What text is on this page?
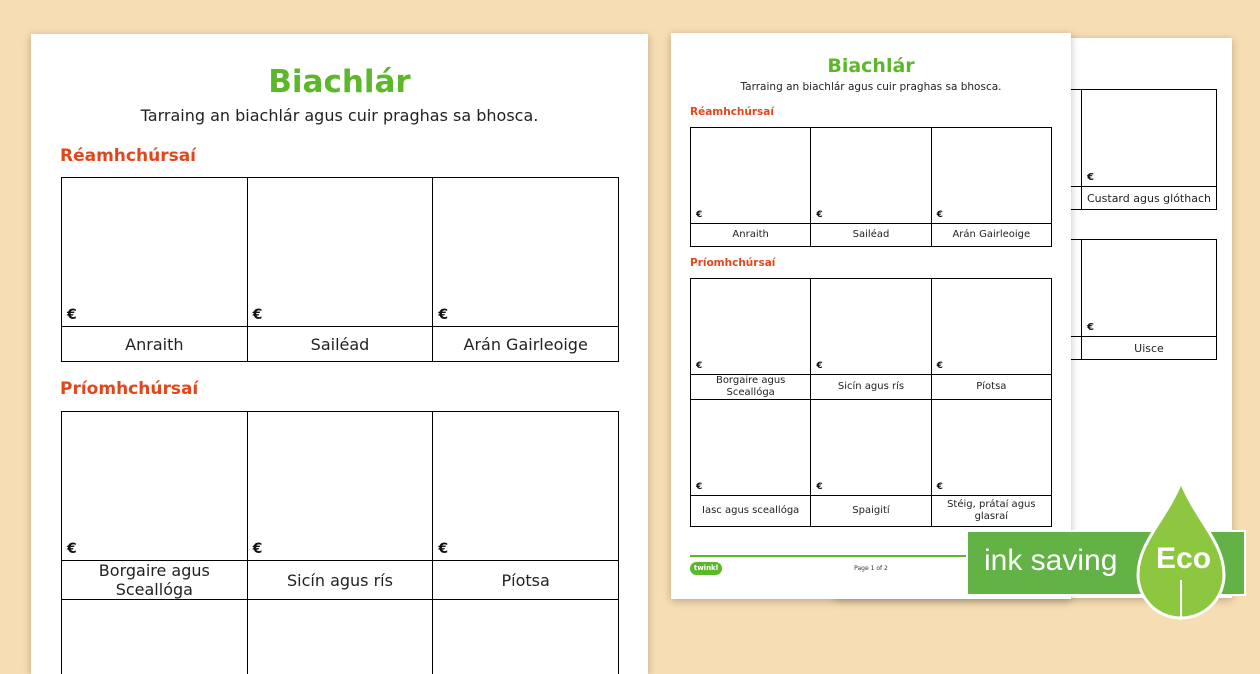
Biachlár
Tarraing an biachlár agus cuir praghas sa bhosca.
Réamhchúrsaí
€	€	€

Anraith	Sailéad	Arán Gairleoige
Príomhchúrsaí
€	€	€

Borgaire agus Sceallóga	Sicín agus rís	Píotsa

	€

	Custard agus glóthach

	€

	Uisce
Biachlár
Tarraing an biachlár agus cuir praghas sa bhosca.
Réamhchúrsaí
€	€	€

Anraith	Sailéad	Arán Gairleoige
Príomhchúrsaí
€	€	€

Borgaire agus Sceallóga	Sicín agus rís	Píotsa

€	€	€

Iasc agus sceallóga	Spaigití	Stéig, prátaí agus glasraí
twinkl	Page 1 of 2	ink saving Eco
